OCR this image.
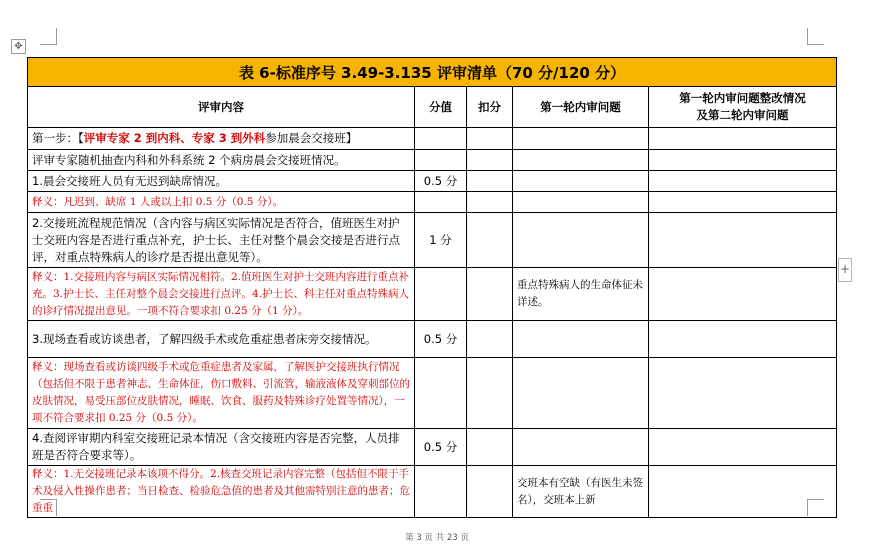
✥
+
表 6-标准序号 3.49-3.135 评审清单（70 分/120 分）				
评审内容	分值	扣分	第一轮内审问题	第一轮内审问题整改情况
及第二轮内审问题

第一步：【评审专家 2 到内科、专家 3 到外科参加晨会交接班】				
评审专家随机抽查内科和外科系统 2 个病房晨会交接班情况。				
1.晨会交接班人员有无迟到缺席情况。	0.5 分			
释义：凡迟到、缺席 1 人或以上扣 0.5 分（0.5 分）。				
2.交接班流程规范情况（含内容与病区实际情况是否符合，值班医生对护士交班内容是否进行重点补充，护士长、主任对整个晨会交接是否进行点评，对重点特殊病人的诊疗是否提出意见等）。	1 分			
释义：1.交接班内容与病区实际情况相符。2.值班医生对护士交班内容进行重点补充。3.护士长、主任对整个晨会交接进行点评。4.护士长、科主任对重点特殊病人的诊疗情况提出意见。一项不符合要求扣 0.25 分（1 分）。			重点特殊病人的生命体征未详述。	
3.现场查看或访谈患者，了解四级手术或危重症患者床旁交接情况。	0.5 分			
释义：现场查看或访谈四级手术或危重症患者及家属，了解医护交接班执行情况（包括但不限于患者神志、生命体征，伤口敷料、引流管，输液液体及穿刺部位的皮肤情况，易受压部位皮肤情况，睡眠、饮食、服药及特殊诊疗处置等情况），一项不符合要求扣 0.25 分（0.5 分）。				
4.查阅评审期内科室交接班记录本情况（含交接班内容是否完整，人员排班是否符合要求等）。	0.5 分			
释义：1.无交接班记录本该项不得分。2.核查交班记录内容完整（包括但不限于手术及侵入性操作患者；当日检查、检验危急值的患者及其他需特别注意的患者；危重重			交班本有空缺（有医生未签名），交班本上新	
第 3 页 共 23 页
